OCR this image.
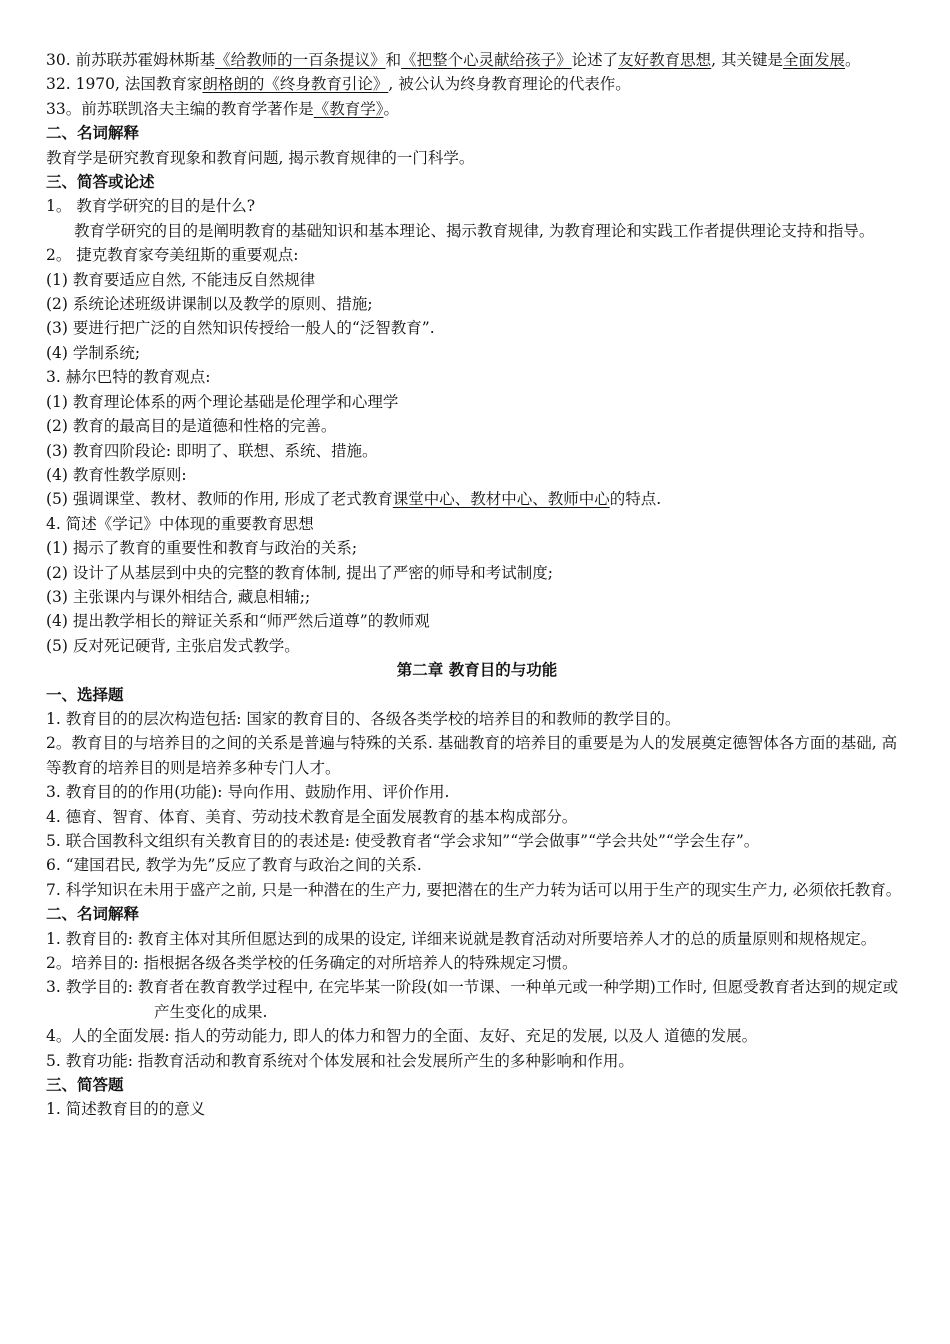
30. 前苏联苏霍姆林斯基《给教师的一百条提议》和《把整个心灵献给孩子》论述了友好教育思想, 其关键是全面发展。
32. 1970, 法国教育家朗格朗的《终身教育引论》, 被公认为终身教育理论的代表作。
33。前苏联凯洛夫主编的教育学著作是《教育学》。
二、名词解释
教育学是研究教育现象和教育问题, 揭示教育规律的一门科学。
三、简答或论述
1。 教育学研究的目的是什么?
教育学研究的目的是阐明教育的基础知识和基本理论、揭示教育规律, 为教育理论和实践工作者提供理论支持和指导。
2。 捷克教育家夸美纽斯的重要观点:
(1) 教育要适应自然, 不能违反自然规律
(2) 系统论述班级讲课制以及教学的原则、措施;
(3) 要进行把广泛的自然知识传授给一般人的“泛智教育”.
(4) 学制系统;
3. 赫尔巴特的教育观点:
(1) 教育理论体系的两个理论基础是伦理学和心理学
(2) 教育的最高目的是道德和性格的完善。
(3) 教育四阶段论: 即明了、联想、系统、措施。
(4) 教育性教学原则:
(5) 强调课堂、教材、教师的作用, 形成了老式教育课堂中心、教材中心、教师中心的特点.
4. 简述《学记》中体现的重要教育思想
(1) 揭示了教育的重要性和教育与政治的关系;
(2) 设计了从基层到中央的完整的教育体制, 提出了严密的师导和考试制度;
(3) 主张课内与课外相结合, 藏息相辅;;
(4) 提出教学相长的辩证关系和“师严然后道尊”的教师观
(5) 反对死记硬背, 主张启发式教学。
第二章 教育目的与功能
一、选择题
1. 教育目的的层次构造包括: 国家的教育目的、各级各类学校的培养目的和教师的教学目的。
2。教育目的与培养目的之间的关系是普遍与特殊的关系. 基础教育的培养目的重要是为人的发展奠定德智体各方面的基础, 高等教育的培养目的则是培养多种专门人才。
3. 教育目的的作用(功能): 导向作用、鼓励作用、评价作用.
4. 德育、智育、体育、美育、劳动技术教育是全面发展教育的基本构成部分。
5. 联合国教科文组织有关教育目的的表述是: 使受教育者“学会求知”“学会做事”“学会共处”“学会生存”。
6. “建国君民, 教学为先”反应了教育与政治之间的关系.
7. 科学知识在未用于盛产之前, 只是一种潜在的生产力, 要把潜在的生产力转为话可以用于生产的现实生产力, 必须依托教育。
二、名词解释
1. 教育目的: 教育主体对其所但愿达到的成果的设定, 详细来说就是教育活动对所要培养人才的总的质量原则和规格规定。
2。培养目的: 指根据各级各类学校的任务确定的对所培养人的特殊规定习惯。
3. 教学目的: 教育者在教育教学过程中, 在完毕某一阶段(如一节课、一种单元或一种学期)工作时, 但愿受教育者达到的规定或产生变化的成果.
4。人的全面发展: 指人的劳动能力, 即人的体力和智力的全面、友好、充足的发展, 以及人 道德的发展。
5. 教育功能: 指教育活动和教育系统对个体发展和社会发展所产生的多种影响和作用。
三、简答题
1. 简述教育目的的意义
